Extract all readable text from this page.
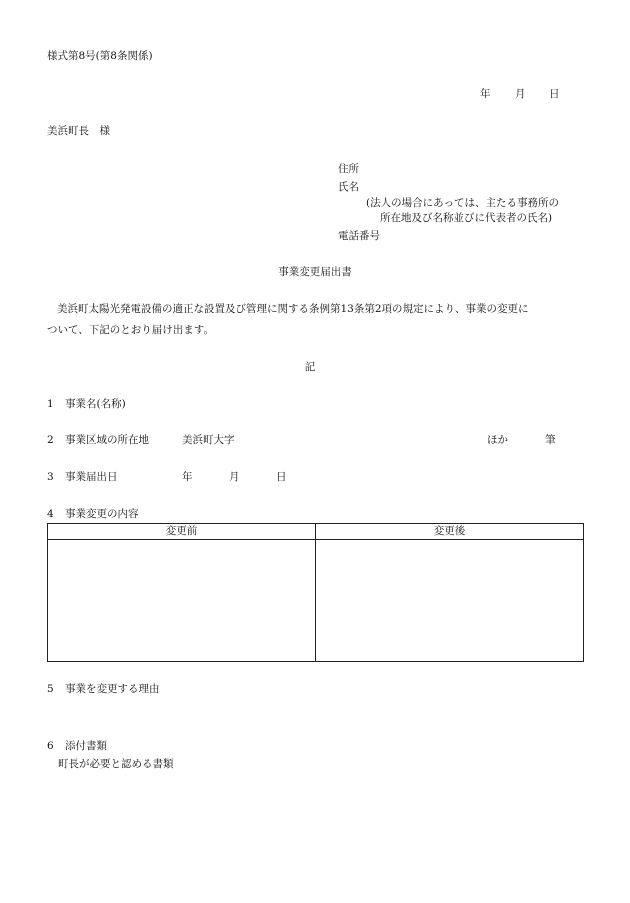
様式第8号(第8条関係)
年 月 日
美浜町長　様
住所
氏名
(法人の場合にあっては、主たる事務所の
所在地及び名称並びに代表者の氏名)
電話番号
事業変更届出書
美浜町太陽光発電設備の適正な設置及び管理に関する条例第13条第2項の規定により、事業の変更に
ついて、下記のとおり届け出ます。
記
1 事業名(名称)
2 事業区域の所在地	美浜町大字	ほか	筆
3 事業届出日	年	月	日
4 事業変更の内容
変更前	変更後

5 事業を変更する理由
6 添付書類
町長が必要と認める書類
